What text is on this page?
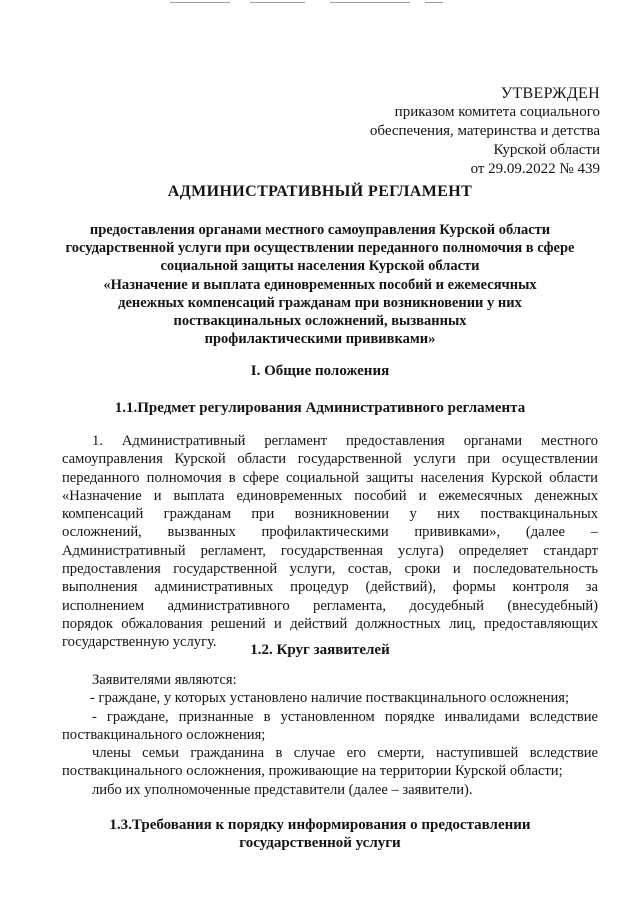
УТВЕРЖДЕН
приказом комитета социального
обеспечения, материнства и детства
Курской области
от 29.09.2022 № 439
АДМИНИСТРАТИВНЫЙ РЕГЛАМЕНТ
предоставления органами местного самоуправления Курской области
государственной услуги при осуществлении переданного полномочия в сфере
социальной защиты населения Курской области
«Назначение и выплата единовременных пособий и ежемесячных
денежных компенсаций гражданам при возникновении у них
поствакцинальных осложнений, вызванных
профилактическими прививками»
I. Общие положения
1.1.Предмет регулирования Административного регламента
1. Административный регламент предоставления органами местного
самоуправления Курской области государственной услуги при осуществлении
переданного полномочия в сфере социальной защиты населения Курской области
«Назначение и выплата единовременных пособий и ежемесячных денежных
компенсаций гражданам при возникновении у них поствакцинальных
осложнений, вызванных профилактическими прививками», (далее –
Административный регламент, государственная услуга) определяет стандарт
предоставления государственной услуги, состав, сроки и последовательность
выполнения административных процедур (действий), формы контроля за
исполнением административного регламента, досудебный (внесудебный)
порядок обжалования решений и действий должностных лиц, предоставляющих
государственную услугу.	1.2. Круг заявителей
Заявителями являются:
- граждане, у которых установлено наличие поствакцинального осложнения;
- граждане, признанные в установленном порядке инвалидами вследствие
поствакцинального осложнения;
члены семьи гражданина в случае его смерти, наступившей вследствие
поствакцинального осложнения, проживающие на территории Курской области;
либо их уполномоченные представители (далее – заявители).
1.3.Требования к порядку информирования о предоставлении
государственной услуги
